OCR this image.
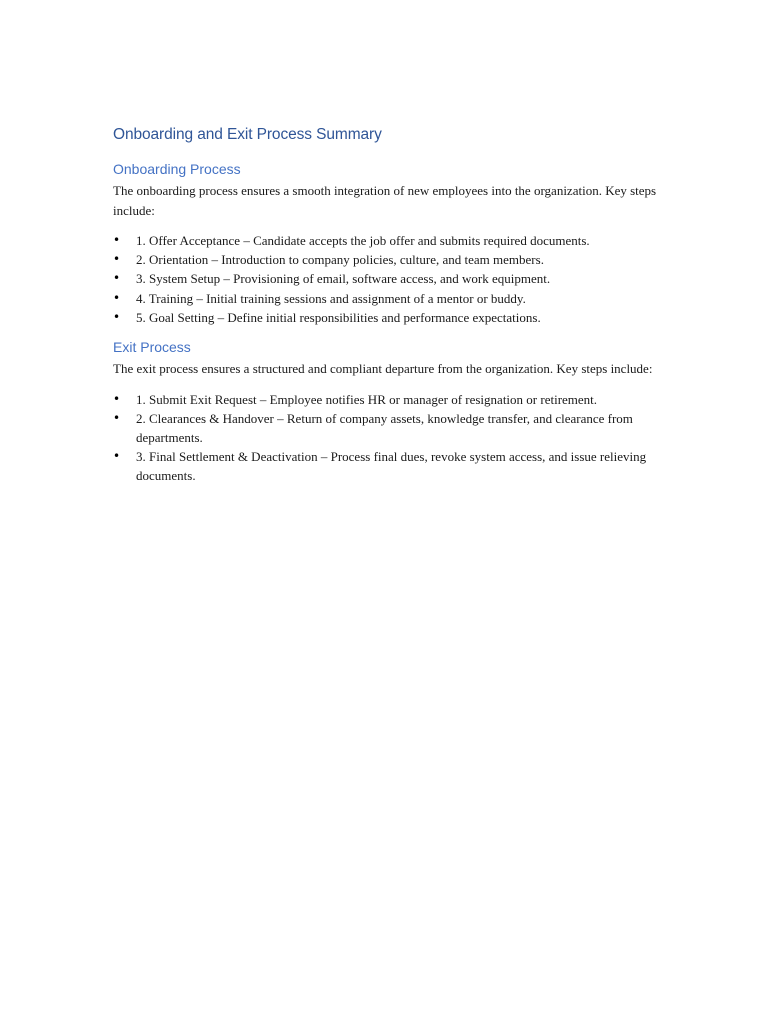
Onboarding and Exit Process Summary
Onboarding Process

The onboarding process ensures a smooth integration of new employees into the organization. Key steps include:

• 1. Offer Acceptance – Candidate accepts the job offer and submits required documents.
• 2. Orientation – Introduction to company policies, culture, and team members.
• 3. System Setup – Provisioning of email, software access, and work equipment.
• 4. Training – Initial training sessions and assignment of a mentor or buddy.
• 5. Goal Setting – Define initial responsibilities and performance expectations.
Exit Process

The exit process ensures a structured and compliant departure from the organization. Key steps include:

• 1. Submit Exit Request – Employee notifies HR or manager of resignation or retirement.
• 2. Clearances & Handover – Return of company assets, knowledge transfer, and clearance from departments.
• 3. Final Settlement & Deactivation – Process final dues, revoke system access, and issue relieving documents.
